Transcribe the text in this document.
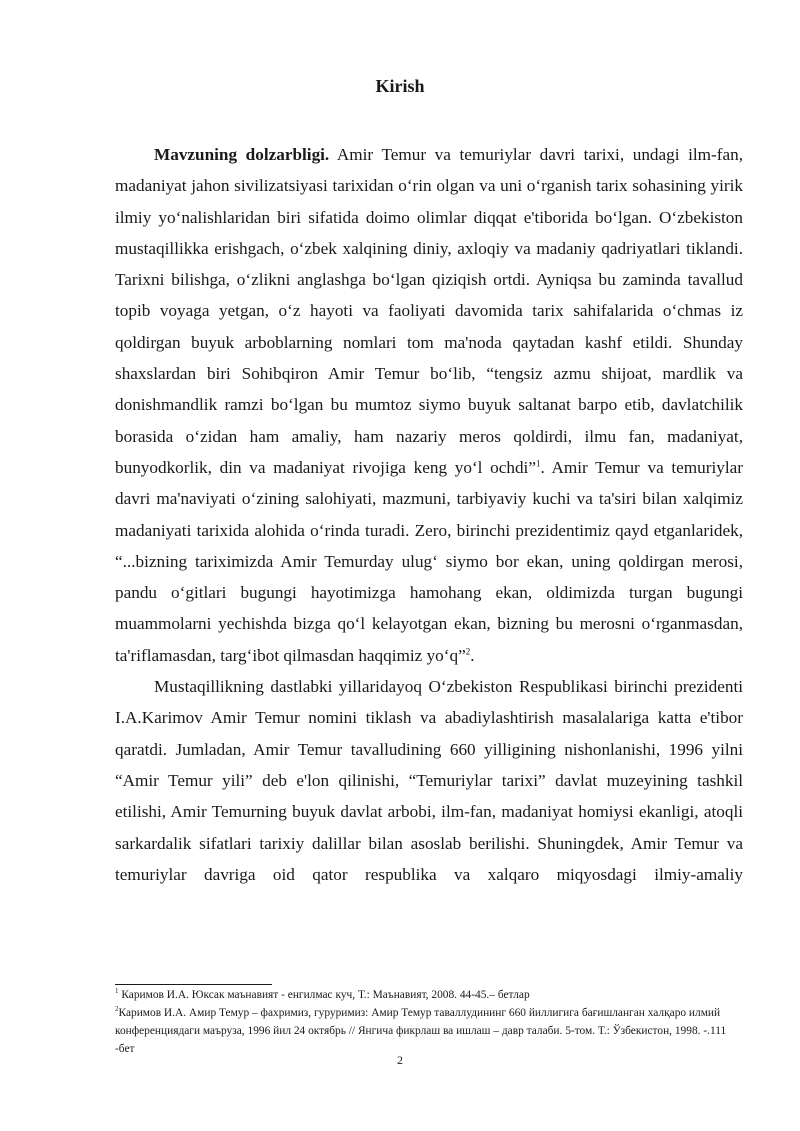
Kirish

Mavzuning dolzarbligi. Amir Temur va temuriylar davri tarixi, undagi ilm-fan, madaniyat jahon sivilizatsiyasi tarixidan o‘rin olgan va uni o‘rganish tarix sohasining yirik ilmiy yo‘nalishlaridan biri sifatida doimo olimlar diqqat e'tiborida bo‘lgan. O‘zbekiston mustaqillikka erishgach, o‘zbek xalqining diniy, axloqiy va madaniy qadriyatlari tiklandi. Tarixni bilishga, o‘zlikni anglashga bo‘lgan qiziqish ortdi. Ayniqsa bu zaminda tavallud topib voyaga yetgan, o‘z hayoti va faoliyati davomida tarix sahifalarida o‘chmas iz qoldirgan buyuk arboblarning nomlari tom ma'noda qaytadan kashf etildi. Shunday shaxslardan biri Sohibqiron Amir Temur bo‘lib, “tengsiz azmu shijoat, mardlik va donishmandlik ramzi bo‘lgan bu mumtoz siymo buyuk saltanat barpo etib, davlatchilik borasida o‘zidan ham amaliy, ham nazariy meros qoldirdi, ilmu fan, madaniyat, bunyodkorlik, din va madaniyat rivojiga keng yo‘l ochdi”$^1$. Amir Temur va temuriylar davri ma'naviyati o‘zining salohiyati, mazmuni, tarbiyaviy kuchi va ta'siri bilan xalqimiz madaniyati tarixida alohida o‘rinda turadi. Zero, birinchi prezidentimiz qayd etganlaridek, “...bizning tariximizda Amir Temurday ulug‘ siymo bor ekan, uning qoldirgan merosi, pandu o‘gitlari bugungi hayotimizga hamohang ekan, oldimizda turgan bugungi muammolarni yechishda bizga qo‘l kelayotgan ekan, bizning bu merosni o‘rganmasdan, ta'riflamasdan, targ‘ibot qilmasdan haqqimiz yo‘q”$^2$.

Mustaqillikning dastlabki yillaridayoq O‘zbekiston Respublikasi birinchi prezidenti I.A.Karimov Amir Temur nomini tiklash va abadiylashtirish masalalariga katta e'tibor qaratdi. Jumladan, Amir Temur tavalludining 660 yilligining nishonlanishi, 1996 yilni “Amir Temur yili” deb e'lon qilinishi, “Temuriylar tarixi” davlat muzeyining tashkil etilishi, Amir Temurning buyuk davlat arbobi, ilm-fan, madaniyat homiysi ekanligi, atoqli sarkardalik sifatlari tarixiy dalillar bilan asoslab berilishi. Shuningdek, Amir Temur va temuriylar davriga oid qator respublika va xalqaro miqyosdagi ilmiy-amaliy

$^1$ Каримов И.А. Юксак маънавият - енгилмас куч, Т.: Маънавият, 2008. 44-45.– бетлар

$^2$Каримов И.А. Амир Темур – фахримиз, гуруримиз: Амир Темур таваллудининг 660 йиллигига бағишланган халқаро илмий конференциядаги маъруза, 1996 йил 24 октябрь // Янгича фикрлаш ва ишлаш – давр талаби. 5-том. Т.: Ўзбекистон, 1998. -.111 -бет

2
